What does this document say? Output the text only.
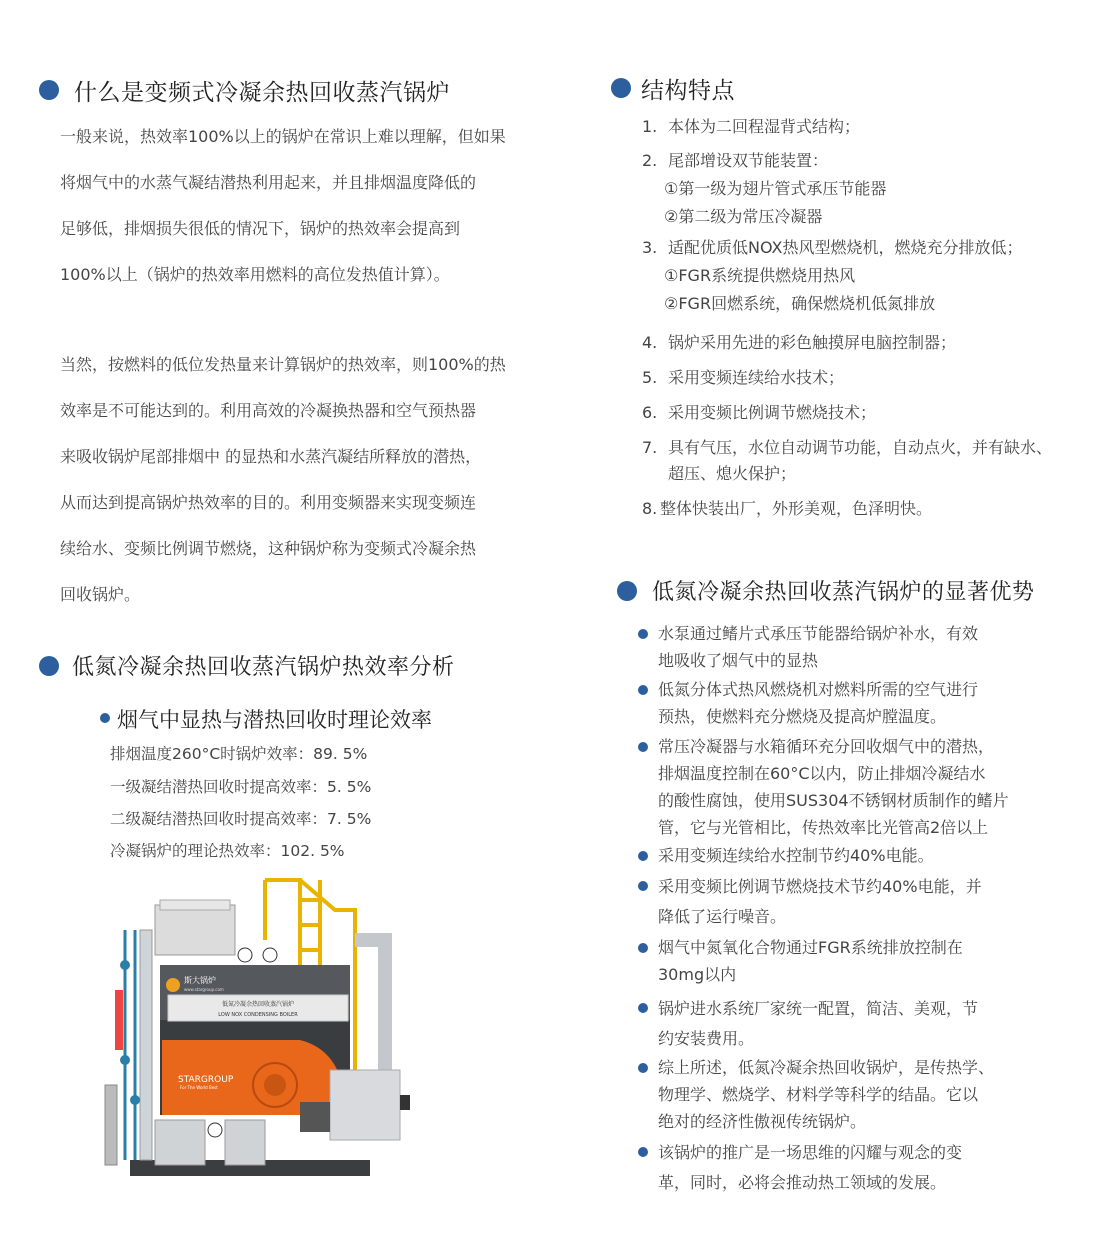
什么是变频式冷凝余热回收蒸汽锅炉

一般来说，热效率100%以上的锅炉在常识上难以理解，但如果
将烟气中的水蒸气凝结潜热利用起来，并且排烟温度降低的
足够低，排烟损失很低的情况下，锅炉的热效率会提高到
100%以上（锅炉的热效率用燃料的高位发热值计算）。

当然，按燃料的低位发热量来计算锅炉的热效率，则100%的热
效率是不可能达到的。利用高效的冷凝换热器和空气预热器
来吸收锅炉尾部排烟中 的显热和水蒸汽凝结所释放的潜热，
从而达到提高锅炉热效率的目的。利用变频器来实现变频连
续给水、变频比例调节燃烧，这种锅炉称为变频式冷凝余热
回收锅炉。

低氮冷凝余热回收蒸汽锅炉热效率分析
烟气中显热与潜热回收时理论效率
排烟温度260°C时锅炉效率：89. 5%
一级凝结潜热回收时提高效率：5. 5%
二级凝结潜热回收时提高效率：7. 5%
冷凝锅炉的理论热效率：102. 5%
低氮冷凝余热回收蒸汽锅炉
LOW NOX CONDENSING BOILER
斯大锅炉
www.stargroup.com
STARGROUP
For The World Best
结构特点
1. 本体为二回程湿背式结构；
2. 尾部增设双节能装置：
①第一级为翅片管式承压节能器
②第二级为常压冷凝器
3. 适配优质低NOX热风型燃烧机，燃烧充分排放低；
①FGR系统提供燃烧用热风
②FGR回燃系统，确保燃烧机低氮排放
4. 锅炉采用先进的彩色触摸屏电脑控制器；
5. 采用变频连续给水技术；
6. 采用变频比例调节燃烧技术；
7. 具有气压，水位自动调节功能，自动点火，并有缺水、
超压、熄火保护；
8. 整体快装出厂，外形美观，色泽明快。
低氮冷凝余热回收蒸汽锅炉的显著优势
水泵通过鳍片式承压节能器给锅炉补水，有效
地吸收了烟气中的显热
低氮分体式热风燃烧机对燃料所需的空气进行
预热，使燃料充分燃烧及提高炉膛温度。
常压冷凝器与水箱循环充分回收烟气中的潜热，
排烟温度控制在60°C以内，防止排烟冷凝结水
的酸性腐蚀，使用SUS304不锈钢材质制作的鳍片
管，它与光管相比，传热效率比光管高2倍以上
采用变频连续给水控制节约40%电能。
采用变频比例调节燃烧技术节约40%电能，并
降低了运行噪音。
烟气中氮氧化合物通过FGR系统排放控制在
30mg以内
锅炉进水系统厂家统一配置，简洁、美观，节
约安装费用。
综上所述，低氮冷凝余热回收锅炉，是传热学、
物理学、燃烧学、材料学等科学的结晶。它以
绝对的经济性傲视传统锅炉。
该锅炉的推广是一场思维的闪耀与观念的变
革，同时，必将会推动热工领域的发展。
